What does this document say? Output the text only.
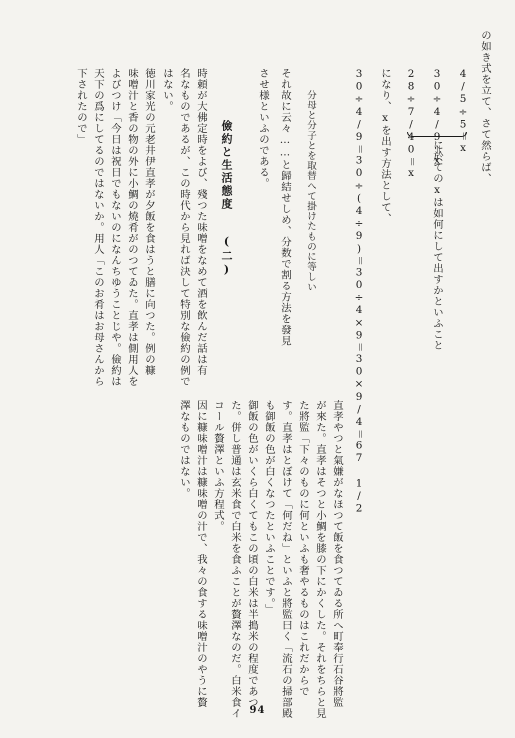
の如き式を立て、さて然らば、
4/5÷5＝x
30÷4/9＝x
28÷7/40＝x
に於てのxは如何にして出すかといふこと
になり、xを出す方法として、
30÷4/9＝30÷(4÷9)＝30÷4×9＝30×9/4＝67 1/2
分母と分子とを取替へて掛けたものに等しい
それ故に云々……と歸結せしめ、分数で割る方法を發見
させ様といふのである。
儉約と生活態度
(二)
時頼が大佛定時をよび、殘つた味噌をなめて酒を飲んだ話は有
名なものであるが、この時代から見れば決して特別な儉約の例で
はない。
徳川家光の元老井伊直孝が夕飯を食はうと膳に向つた。例の糠
味噌汁と香の物の外に小鯛の燒肴がのつてゐた。直孝は側用人を
よびつけ「今日は祝日でもないのになんちゆうことじや。儉約は
天下の爲にしてるのではないか。用人「このお肴はお母さんから
下されたので」
直孝やつと氣嫌がなほつて飯を食つてゐる所へ町奉行石谷將監
が來た。直孝はそつと小鯛を膝の下にかくした。それをちらと見
た將監「下々のものに何といふも奢やるものはこれだからで
す。直孝はとぼけて「何だね」といふと將監曰く「流石の掃部殿
も御飯の色が白くなつたといふことです。」
御飯の色がいくら白くてもこの頃の白米は半搗米の程度であつ
た。併し普通は玄米食で白米を食ふことが贅澤なのだ。白米食イ
コール贅澤といふ方程式。
因に糠味噌汁は糠味噌の汁で、我々の食する味噌汁のやうに贅
澤なものではない。
94
